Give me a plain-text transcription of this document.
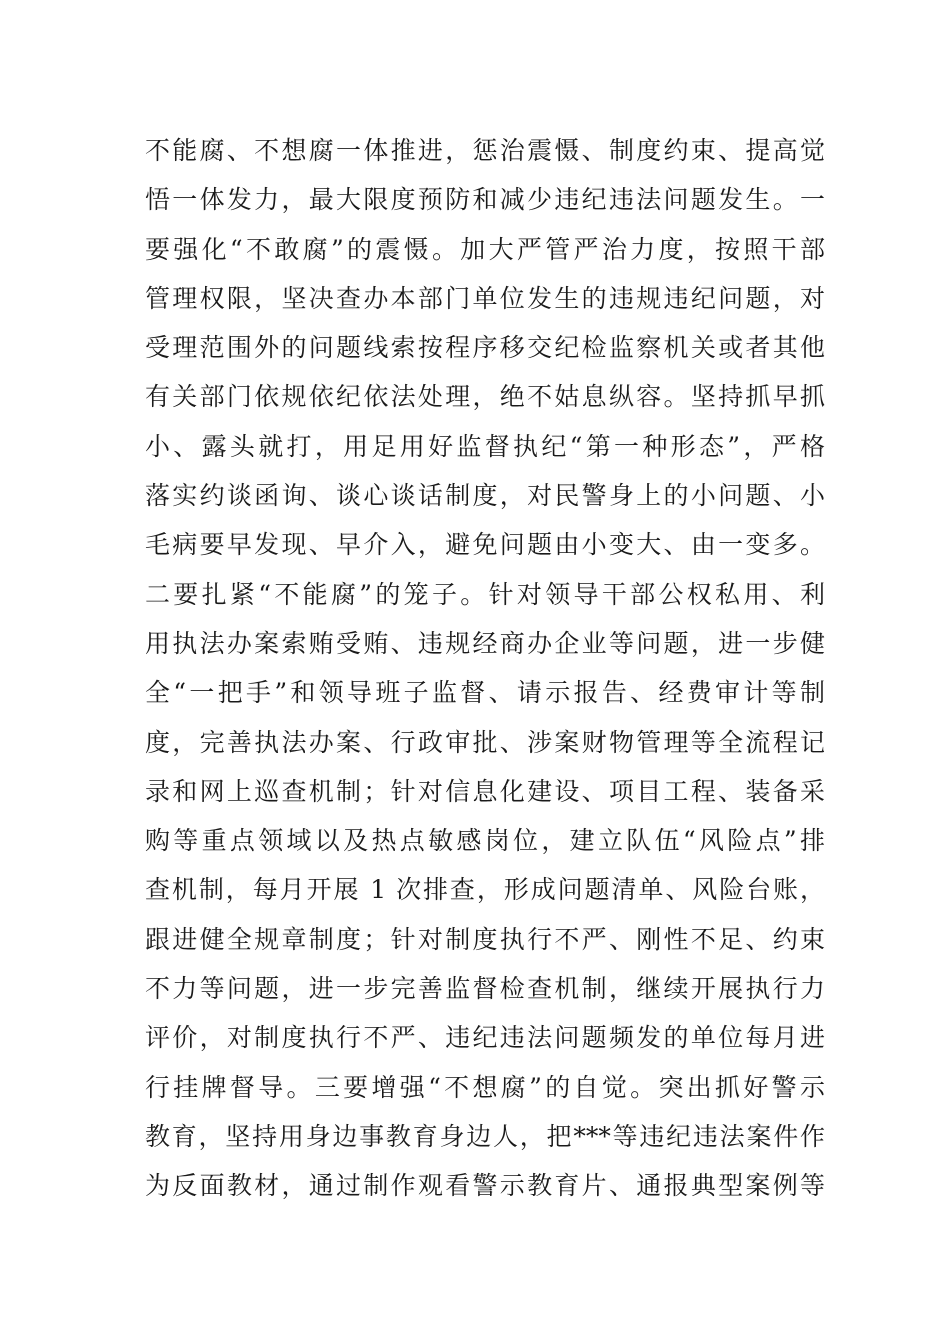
不能腐、不想腐一体推进，惩治震慑、制度约束、提高觉
悟一体发力，最大限度预防和减少违纪违法问题发生。一
要强化“不敢腐”的震慑。加大严管严治力度，按照干部
管理权限，坚决查办本部门单位发生的违规违纪问题，对
受理范围外的问题线索按程序移交纪检监察机关或者其他
有关部门依规依纪依法处理，绝不姑息纵容。坚持抓早抓
小、露头就打，用足用好监督执纪“第一种形态”，严格
落实约谈函询、谈心谈话制度，对民警身上的小问题、小
毛病要早发现、早介入，避免问题由小变大、由一变多。
二要扎紧“不能腐”的笼子。针对领导干部公权私用、利
用执法办案索贿受贿、违规经商办企业等问题，进一步健
全“一把手”和领导班子监督、请示报告、经费审计等制
度，完善执法办案、行政审批、涉案财物管理等全流程记
录和网上巡查机制；针对信息化建设、项目工程、装备采
购等重点领域以及热点敏感岗位，建立队伍“风险点”排
查机制，每月开展 1 次排查，形成问题清单、风险台账，
跟进健全规章制度；针对制度执行不严、刚性不足、约束
不力等问题，进一步完善监督检查机制，继续开展执行力
评价，对制度执行不严、违纪违法问题频发的单位每月进
行挂牌督导。三要增强“不想腐”的自觉。突出抓好警示
教育，坚持用身边事教育身边人，把***等违纪违法案件作
为反面教材，通过制作观看警示教育片、通报典型案例等
